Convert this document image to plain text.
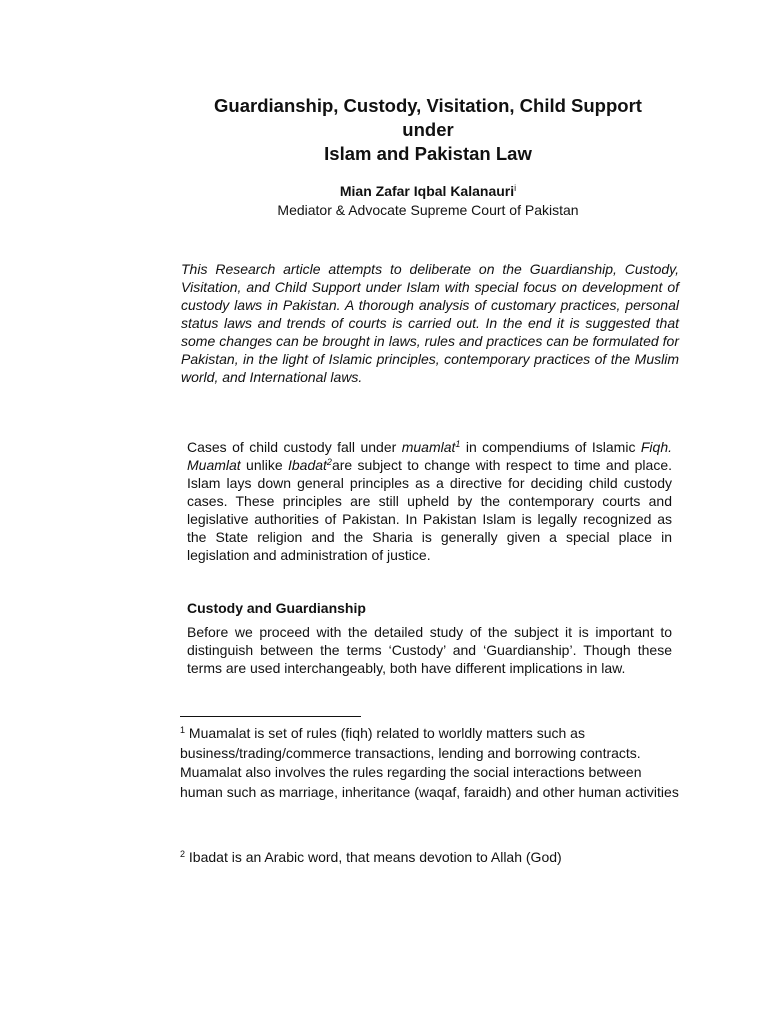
Guardianship, Custody, Visitation, Child Support
under
Islam and Pakistan Law
Mian Zafar Iqbal Kalanauri$^i$
Mediator & Advocate Supreme Court of Pakistan

This Research article attempts to deliberate on the Guardianship, Custody, Visitation, and Child Support under Islam with special focus on development of custody laws in Pakistan. A thorough analysis of customary practices, personal status laws and trends of courts is carried out. In the end it is suggested that some changes can be brought in laws, rules and practices can be formulated for Pakistan, in the light of Islamic principles, contemporary practices of the Muslim world, and International laws.

Cases of child custody fall under muamlat$^1$ in compendiums of Islamic Fiqh. Muamlat unlike Ibadat$^2$are subject to change with respect to time and place. Islam lays down general principles as a directive for deciding child custody cases. These principles are still upheld by the contemporary courts and legislative authorities of Pakistan. In Pakistan Islam is legally recognized as the State religion and the Sharia is generally given a special place in legislation and administration of justice.

Custody and Guardianship

Before we proceed with the detailed study of the subject it is important to distinguish between the terms ‘Custody’ and ‘Guardianship’. Though these terms are used interchangeably, both have different implications in law.

$^1$ Muamalat is set of rules (fiqh) related to worldly matters such as business/trading/commerce transactions, lending and borrowing contracts. Muamalat also involves the rules regarding the social interactions between human such as marriage, inheritance (waqaf, faraidh) and other human activities

$^2$ Ibadat is an Arabic word, that means devotion to Allah (God)
